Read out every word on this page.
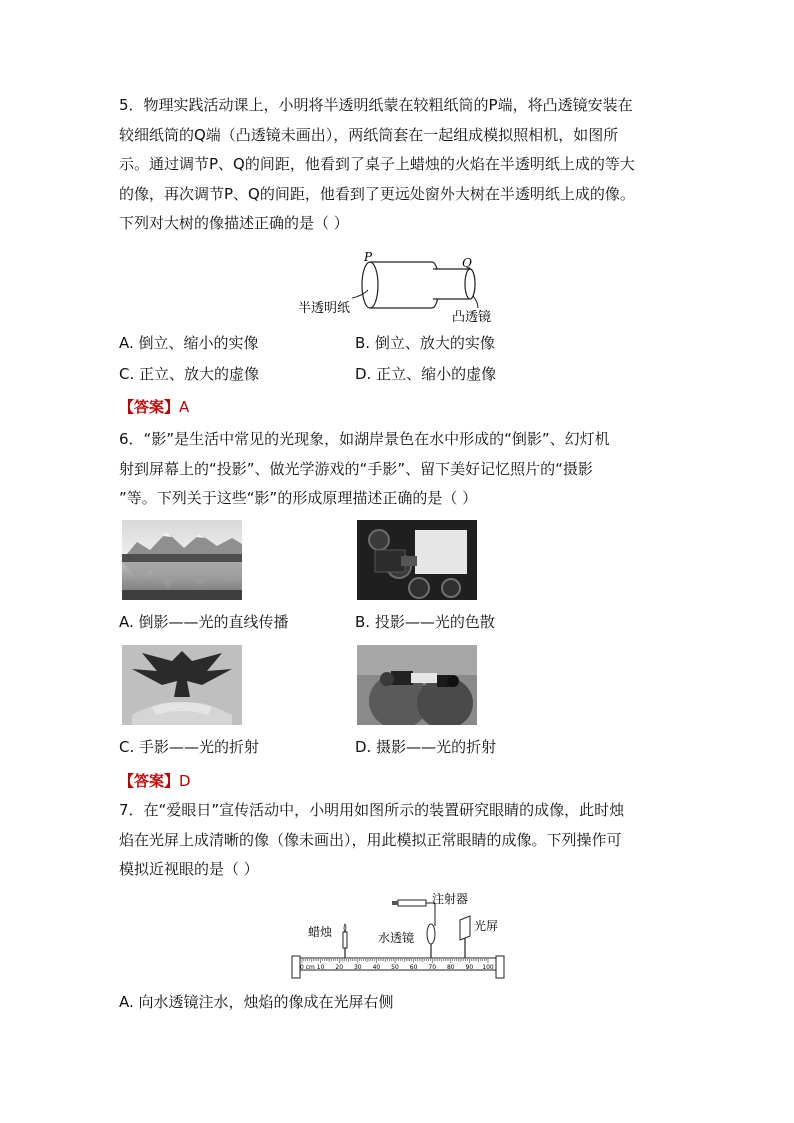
5．物理实践活动课上，小明将半透明纸蒙在较粗纸筒的P端，将凸透镜安装在
较细纸筒的Q端（凸透镜未画出），两纸筒套在一起组成模拟照相机，如图所
示。通过调节P、Q的间距，他看到了桌子上蜡烛的火焰在半透明纸上成的等大
的像，再次调节P、Q的间距，他看到了更远处窗外大树在半透明纸上成的像。
下列对大树的像描述正确的是（ ）
P	Q
半透明纸
凸透镜
A. 倒立、缩小的实像	B. 倒立、放大的实像
C. 正立、放大的虚像	D. 正立、缩小的虚像
【答案】A
6．“影”是生活中常见的光现象，如湖岸景色在水中形成的“倒影”、幻灯机
射到屏幕上的“投影”、做光学游戏的“手影”、留下美好记忆照片的“摄影
”等。下列关于这些“影”的形成原理描述正确的是（ ）
A. 倒影——光的直线传播	B. 投影——光的色散
C. 手影——光的折射	D. 摄影——光的折射
【答案】D
7．在“爱眼日”宣传活动中，小明用如图所示的装置研究眼睛的成像，此时烛
焰在光屏上成清晰的像（像未画出），用此模拟正常眼睛的成像。下列操作可
模拟近视眼的是（ ）
注射器
水透镜
蜡烛	光屏
0 cm 10 20 30 40 50 60 70 80 90 100
A. 向水透镜注水，烛焰的像成在光屏右侧
